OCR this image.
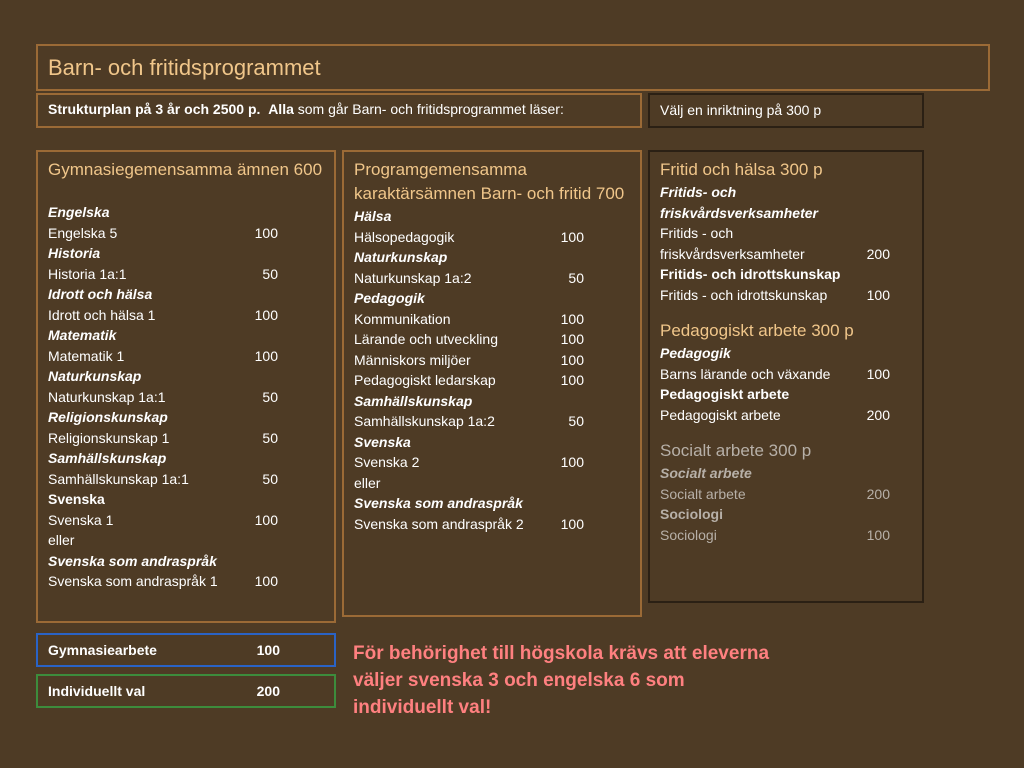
Barn- och fritidsprogrammet
Strukturplan på 3 år och 2500 p. Alla som går Barn- och fritidsprogrammet läser:	Välj en inriktning på 300 p
Gymnasiegemensamma ämnen 600
Engelska
Engelska 5	100
Historia
Historia 1a:1	50
Idrott och hälsa
Idrott och hälsa 1	100
Matematik
Matematik 1	100
Naturkunskap
Naturkunskap 1a:1	50
Religionskunskap
Religionskunskap 1	50
Samhällskunskap
Samhällskunskap 1a:1	50
Svenska
Svenska 1	100
eller
Svenska som andraspråk
Svenska som andraspråk 1	100
Programgemensamma karaktärsämnen Barn- och fritid 700
Hälsa
Hälsopedagogik	100
Naturkunskap
Naturkunskap 1a:2	50
Pedagogik
Kommunikation	100
Lärande och utveckling	100
Människors miljöer	100
Pedagogiskt ledarskap	100
Samhällskunskap
Samhällskunskap 1a:2	50
Svenska
Svenska 2	100
eller
Svenska som andraspråk
Svenska som andraspråk 2	100
Fritid och hälsa 300 p
Fritids- och
friskvårdsverksamheter
Fritids - och
friskvårdsverksamheter	200
Fritids- och idrottskunskap
Fritids - och idrottskunskap	100
Pedagogiskt arbete 300 p
Pedagogik
Barns lärande och växande	100
Pedagogiskt arbete
Pedagogiskt arbete	200
Socialt arbete 300 p
Socialt arbete
Socialt arbete	200
Sociologi
Sociologi	100
Gymnasiearbete	100
Individuellt val	200
För behörighet till högskola krävs att eleverna väljer svenska 3 och engelska 6 som individuellt val!
